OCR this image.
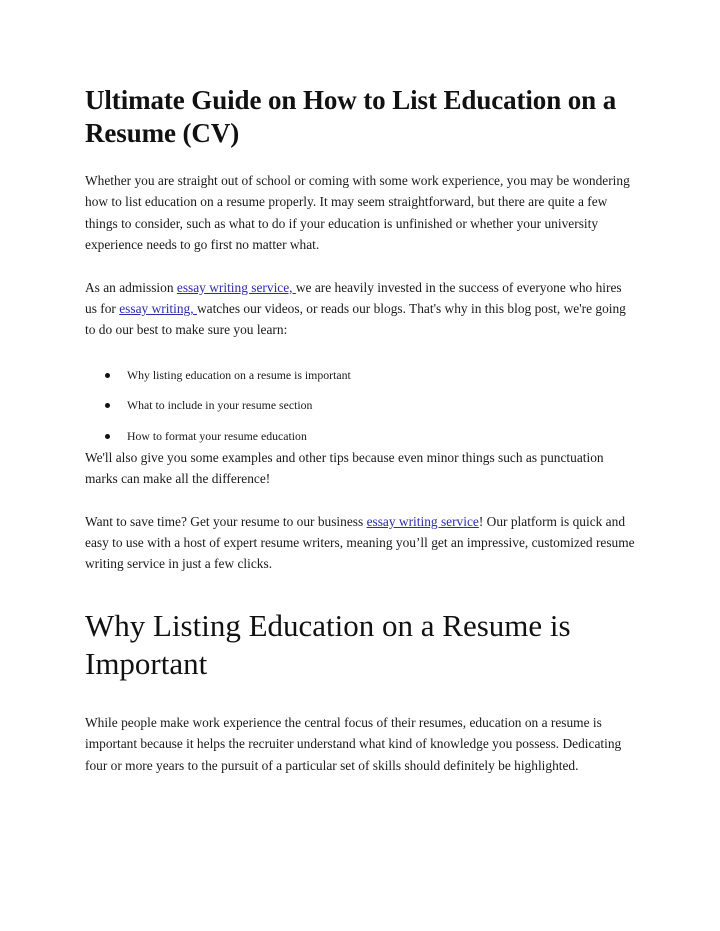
Ultimate Guide on How to List Education on a Resume (CV)

Whether you are straight out of school or coming with some work experience, you may be wondering how to list education on a resume properly. It may seem straightforward, but there are quite a few things to consider, such as what to do if your education is unfinished or whether your university experience needs to go first no matter what.

As an admission essay writing service, we are heavily invested in the success of everyone who hires us for essay writing, watches our videos, or reads our blogs. That's why in this blog post, we're going to do our best to make sure you learn:

Why listing education on a resume is important
What to include in your resume section
How to format your resume education

We'll also give you some examples and other tips because even minor things such as punctuation marks can make all the difference!

Want to save time? Get your resume to our business essay writing service! Our platform is quick and easy to use with a host of expert resume writers, meaning you’ll get an impressive, customized resume writing service in just a few clicks.

Why Listing Education on a Resume is Important

While people make work experience the central focus of their resumes, education on a resume is important because it helps the recruiter understand what kind of knowledge you possess. Dedicating four or more years to the pursuit of a particular set of skills should definitely be highlighted.
